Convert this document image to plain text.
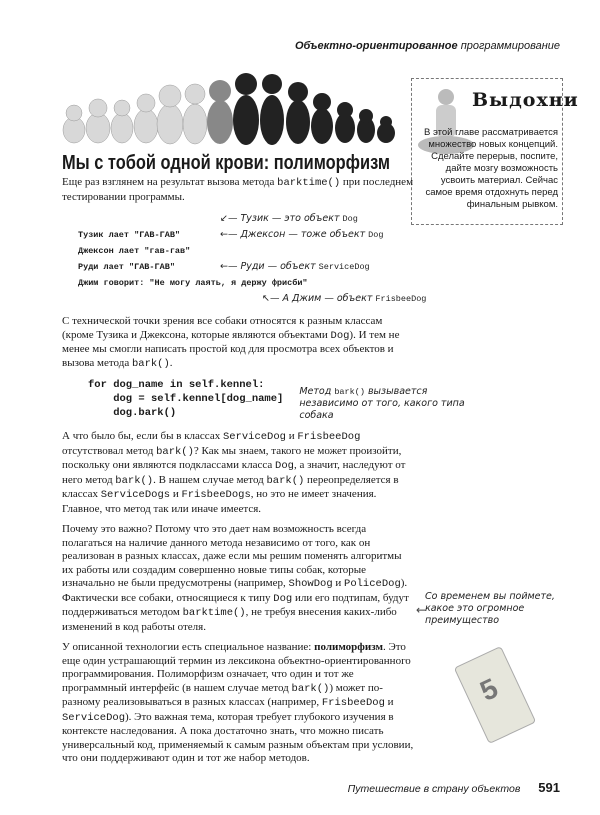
Объектно-ориентированное программирование
Выдохни
В этой главе рассматривается множество новых концепций. Сделайте перерыв, поспите, дайте мозгу возможность усвоить материал. Сейчас самое время отдохнуть перед финальным рывком.
Мы с тобой одной крови: полиморфизм

Еще раз взглянем на результат вызова метода barktime() при последнем тестировании программы.

↙— Тузик — это объект Dog
Тузик лает "ГАВ-ГАВ"	←— Джексон — тоже объект Dog
Джексон лает "гав-гав"
Руди лает "ГАВ-ГАВ"	←— Руди — объект ServiceDog
Джим говорит: "Не могу лаять, я держу фрисби"
↖— А Джим — объект FrisbeeDog

С технической точки зрения все собаки относятся к разным классам (кроме Тузика и Джексона, которые являются объектами Dog). И тем не менее мы смогли написать простой код для просмотра всех объектов и вызова метода bark().

for dog_name in self.kennel:
dog = self.kennel[dog_name]
dog.bark()
Метод bark() вызывается независимо от того, какого типа собака

А что было бы, если бы в классах ServiceDog и FrisbeeDog отсутствовал метод bark()? Как мы знаем, такого не может произойти, поскольку они являются подклассами класса Dog, а значит, наследуют от него метод bark(). В нашем случае метод bark() переопределяется в классах ServiceDogs и FrisbeeDogs, но это не имеет значения. Главное, что метод так или иначе имеется.

Почему это важно? Потому что это дает нам возможность всегда полагаться на наличие данного метода независимо от того, как он реализован в разных классах, даже если мы решим поменять алгоритмы их работы или создадим совершенно новые типы собак, которые изначально не были предусмотрены (например, ShowDog и PoliceDog). Фактически все собаки, относящиеся к типу Dog или его подтипам, будут поддерживаться методом barktime(), не требуя внесения каких-либо изменений в код работы отеля.

←
Со временем вы поймете, какое это огромное преимущество
5

У описанной технологии есть специальное название: полиморфизм. Это еще один устрашающий термин из лексикона объектно-ориентированного программирования. Полиморфизм означает, что один и тот же программный интерфейс (в нашем случае метод bark()) может по-разному реализовываться в разных классах (например, FrisbeeDog и ServiceDog). Это важная тема, которая требует глубокого изучения в контексте наследования. А пока достаточно знать, что можно писать универсальный код, применяемый к самым разным объектам при условии, что они поддерживают один и тот же набор методов.

Путешествие в страну объектов 591
